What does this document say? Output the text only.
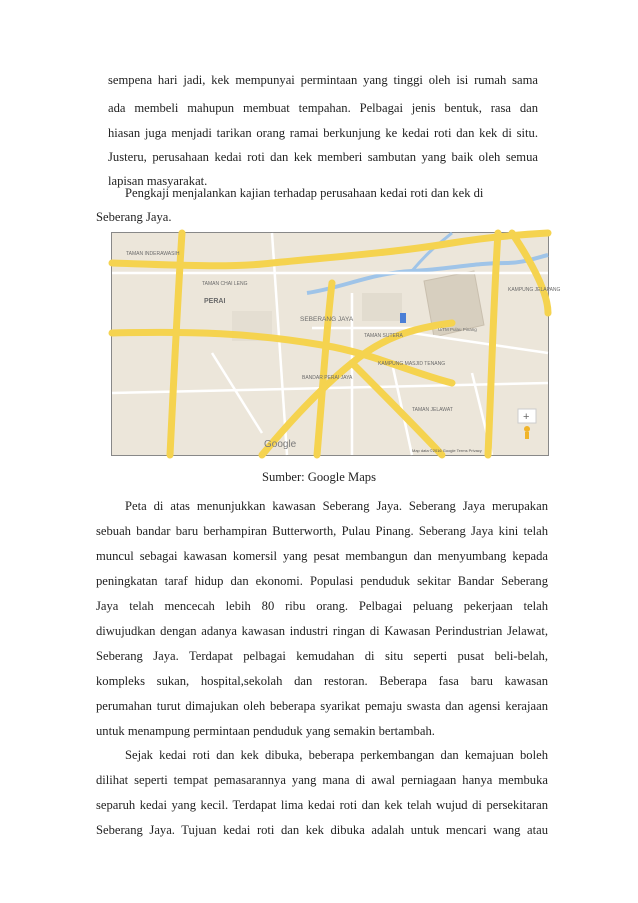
sempena hari jadi, kek mempunyai permintaan yang tinggi oleh isi rumah sama
ada membeli mahupun membuat tempahan. Pelbagai jenis bentuk, rasa dan
hiasan juga menjadi tarikan orang ramai berkunjung ke kedai roti dan kek di situ.
Justeru, perusahaan kedai roti dan kek memberi sambutan yang baik oleh semua
lapisan masyarakat.
Pengkaji menjalankan kajian terhadap perusahaan kedai roti dan kek di
Seberang Jaya.
TAMAN INDERAWASIH
TAMAN CHAI LENG
PERAI
SEBERANG JAYA
TAMAN SUTERA
UiTM Pulau Pinang
BANDAR PERAI JAYA
KAMPUNG MASJID TENANG
TAMAN JELAWAT
KAMPUNG JELAPANG
Google
Map data ©2016 Google Terms Privacy
+
Sumber: Google Maps
Peta di atas menunjukkan kawasan Seberang Jaya. Seberang Jaya merupakan
sebuah bandar baru berhampiran Butterworth, Pulau Pinang. Seberang Jaya kini telah
muncul sebagai kawasan komersil yang pesat membangun dan menyumbang kepada
peningkatan taraf hidup dan ekonomi. Populasi penduduk sekitar Bandar Seberang
Jaya telah mencecah lebih 80 ribu orang. Pelbagai peluang pekerjaan telah
diwujudkan dengan adanya kawasan industri ringan di Kawasan Perindustrian Jelawat,
Seberang Jaya. Terdapat pelbagai kemudahan di situ seperti pusat beli-belah,
kompleks sukan, hospital,sekolah dan restoran. Beberapa fasa baru kawasan
perumahan turut dimajukan oleh beberapa syarikat pemaju swasta dan agensi kerajaan
untuk menampung permintaan penduduk yang semakin bertambah.
Sejak kedai roti dan kek dibuka, beberapa perkembangan dan kemajuan boleh
dilihat seperti tempat pemasarannya yang mana di awal perniagaan hanya membuka
separuh kedai yang kecil. Terdapat lima kedai roti dan kek telah wujud di persekitaran
Seberang Jaya. Tujuan kedai roti dan kek dibuka adalah untuk mencari wang atau
